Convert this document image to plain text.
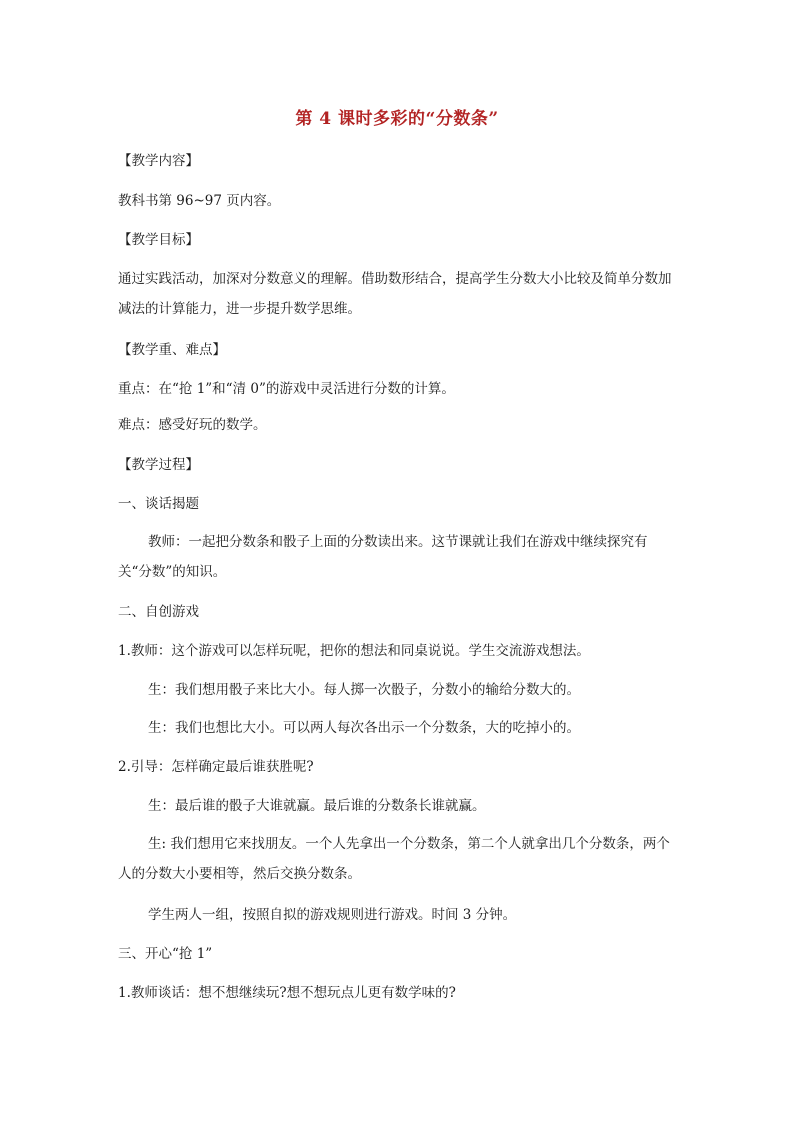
第 4 课时多彩的“分数条”
【教学内容】
教科书第 96~97 页内容。
【教学目标】
通过实践活动，加深对分数意义的理解。借助数形结合，提高学生分数大小比较及简单分数加减法的计算能力，进一步提升数学思维。
【教学重、难点】
重点：在“抢 1”和“清 0”的游戏中灵活进行分数的计算。
难点：感受好玩的数学。
【教学过程】
一、谈话揭题
教师：一起把分数条和骰子上面的分数读出来。这节课就让我们在游戏中继续探究有关“分数”的知识。
二、自创游戏
1.教师：这个游戏可以怎样玩呢，把你的想法和同桌说说。学生交流游戏想法。
生：我们想用骰子来比大小。每人掷一次骰子，分数小的输给分数大的。
生：我们也想比大小。可以两人每次各出示一个分数条，大的吃掉小的。
2.引导：怎样确定最后谁获胜呢?
生：最后谁的骰子大谁就赢。最后谁的分数条长谁就赢。
生: 我们想用它来找朋友。一个人先拿出一个分数条，第二个人就拿出几个分数条，两个人的分数大小要相等，然后交换分数条。
学生两人一组，按照自拟的游戏规则进行游戏。时间 3 分钟。
三、开心“抢 1”
1.教师谈话：想不想继续玩?想不想玩点儿更有数学味的?
